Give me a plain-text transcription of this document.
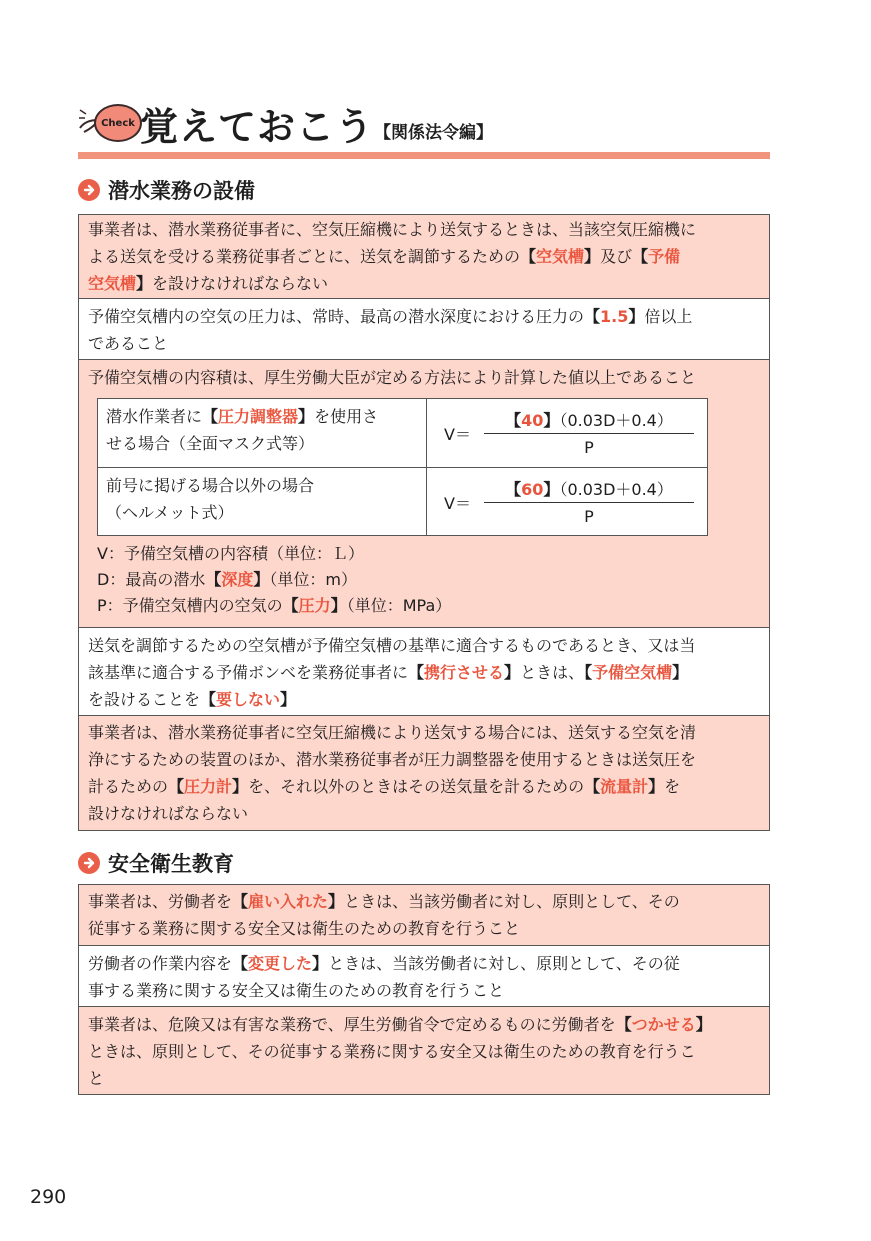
Check 覚えておこう 【関係法令編】
潜水業務の設備
事業者は、潜水業務従事者に、空気圧縮機により送気するときは、当該空気圧縮機に
よる送気を受ける業務従事者ごとに、送気を調節するための【空気槽】及び【予備
空気槽】を設けなければならない
予備空気槽内の空気の圧力は、常時、最高の潜水深度における圧力の【1.5】倍以上
であること
予備空気槽の内容積は、厚生労働大臣が定める方法により計算した値以上であること
潜水作業者に【圧力調整器】を使用さ
せる場合（全面マスク式等）	V＝
【40】（0.03D＋0.4）
P
前号に掲げる場合以外の場合
（ヘルメット式）	V＝
【60】（0.03D＋0.4）
P
V：予備空気槽の内容積（単位：Ｌ）
D：最高の潜水【深度】（単位：m）
P：予備空気槽内の空気の【圧力】（単位：MPa）
送気を調節するための空気槽が予備空気槽の基準に適合するものであるとき、又は当
該基準に適合する予備ボンベを業務従事者に【携行させる】ときは、【予備空気槽】
を設けることを【要しない】
事業者は、潜水業務従事者に空気圧縮機により送気する場合には、送気する空気を清
浄にするための装置のほか、潜水業務従事者が圧力調整器を使用するときは送気圧を
計るための【圧力計】を、それ以外のときはその送気量を計るための【流量計】を
設けなければならない
安全衛生教育
事業者は、労働者を【雇い入れた】ときは、当該労働者に対し、原則として、その
従事する業務に関する安全又は衛生のための教育を行うこと
労働者の作業内容を【変更した】ときは、当該労働者に対し、原則として、その従
事する業務に関する安全又は衛生のための教育を行うこと
事業者は、危険又は有害な業務で、厚生労働省令で定めるものに労働者を【つかせる】
ときは、原則として、その従事する業務に関する安全又は衛生のための教育を行うこ
と
290
